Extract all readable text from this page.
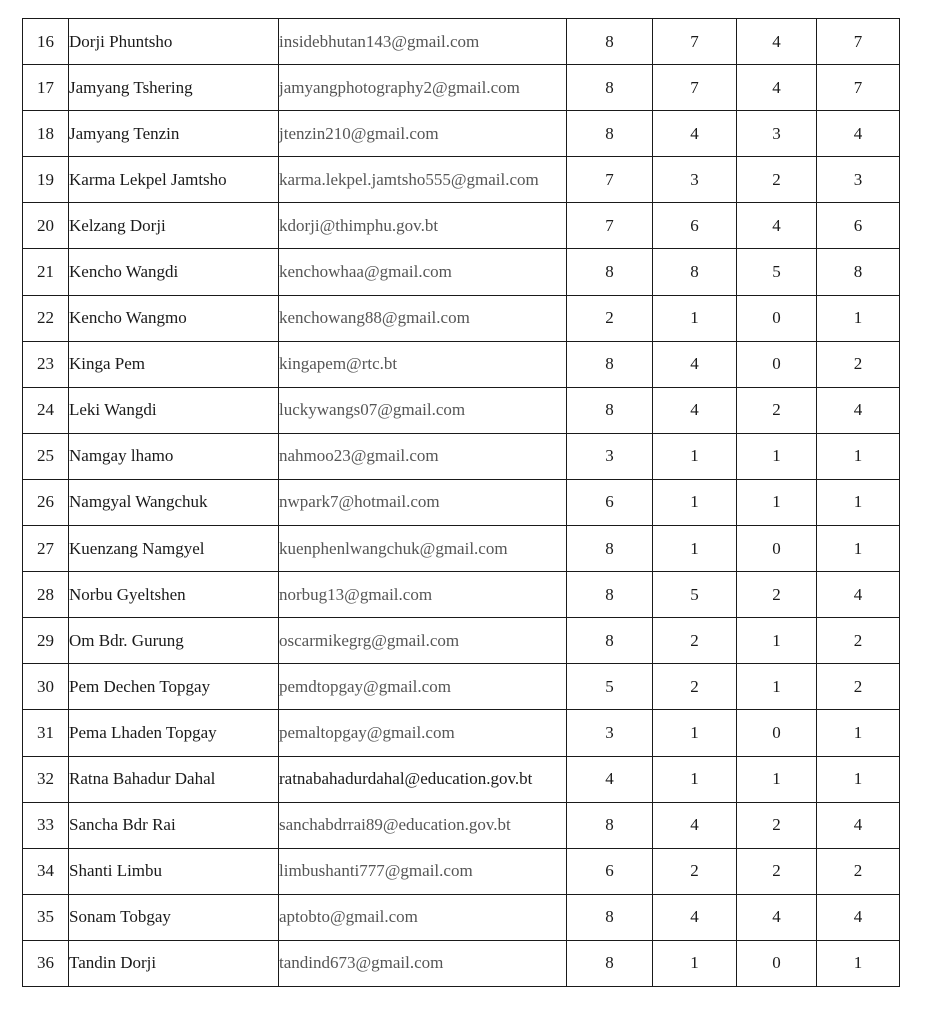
16	Dorji Phuntsho	insidebhutan143@gmail.com	8	7	4	7
17	Jamyang Tshering	jamyangphotography2@gmail.com	8	7	4	7
18	Jamyang Tenzin	jtenzin210@gmail.com	8	4	3	4
19	Karma Lekpel Jamtsho	karma.lekpel.jamtsho555@gmail.com	7	3	2	3
20	Kelzang Dorji	kdorji@thimphu.gov.bt	7	6	4	6
21	Kencho Wangdi	kenchowhaa@gmail.com	8	8	5	8
22	Kencho Wangmo	kenchowang88@gmail.com	2	1	0	1
23	Kinga Pem	kingapem@rtc.bt	8	4	0	2
24	Leki Wangdi	luckywangs07@gmail.com	8	4	2	4
25	Namgay lhamo	nahmoo23@gmail.com	3	1	1	1
26	Namgyal Wangchuk	nwpark7@hotmail.com	6	1	1	1
27	Kuenzang Namgyel	kuenphenlwangchuk@gmail.com	8	1	0	1
28	Norbu Gyeltshen	norbug13@gmail.com	8	5	2	4
29	Om Bdr. Gurung	oscarmikegrg@gmail.com	8	2	1	2
30	Pem Dechen Topgay	pemdtopgay@gmail.com	5	2	1	2
31	Pema Lhaden Topgay	pemaltopgay@gmail.com	3	1	0	1
32	Ratna Bahadur Dahal	ratnabahadurdahal@education.gov.bt	4	1	1	1
33	Sancha Bdr Rai	sanchabdrrai89@education.gov.bt	8	4	2	4
34	Shanti Limbu	limbushanti777@gmail.com	6	2	2	2
35	Sonam Tobgay	aptobto@gmail.com	8	4	4	4
36	Tandin Dorji	tandind673@gmail.com	8	1	0	1
